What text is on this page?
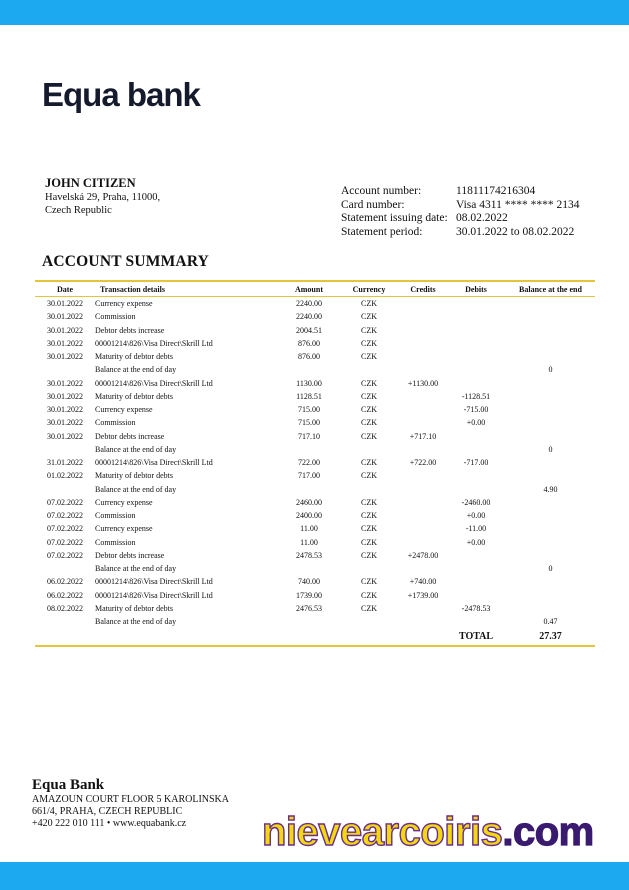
Equa bank
JOHN CITIZEN
Havelská 29, Praha, 11000,
Czech Republic
Account number:	11811174216304
Card number:	Visa 4311 **** **** 2134
Statement issuing date: 08.02.2022
Statement period:	30.01.2022 to 08.02.2022
ACCOUNT SUMMARY
Date	Transaction details	Amount	Currency	Credits	Debits	Balance at the end

30.01.2022	Currency expense	2240.00	CZK			
30.01.2022	Commission	2240.00	CZK			
30.01.2022	Debtor debts increase	2004.51	CZK			
30.01.2022	00001214\826\Visa Direct\Skrill Ltd	876.00	CZK			
30.01.2022	Maturity of debtor debts	876.00	CZK			
	Balance at the end of day					0
30.01.2022	00001214\826\Visa Direct\Skrill Ltd	1130.00	CZK	+1130.00		
30.01.2022	Maturity of debtor debts	1128.51	CZK		-1128.51	
30.01.2022	Currency expense	715.00	CZK		-715.00	
30.01.2022	Commission	715.00	CZK		+0.00	
30.01.2022	Debtor debts increase	717.10	CZK	+717.10		
	Balance at the end of day					0
31.01.2022	00001214\826\Visa Direct\Skrill Ltd	722.00	CZK	+722.00	-717.00	
01.02.2022	Maturity of debtor debts	717.00	CZK			
	Balance at the end of day					4.90
07.02.2022	Currency expense	2460.00	CZK		-2460.00	
07.02.2022	Commission	2400.00	CZK		+0.00	
07.02.2022	Currency expense	11.00	CZK		-11.00	
07.02.2022	Commission	11.00	CZK		+0.00	
07.02.2022	Debtor debts increase	2478.53	CZK	+2478.00		
	Balance at the end of day					0
06.02.2022	00001214\826\Visa Direct\Skrill Ltd	740.00	CZK	+740.00		
06.02.2022	00001214\826\Visa Direct\Skrill Ltd	1739.00	CZK	+1739.00		
08.02.2022	Maturity of debtor debts	2476.53	CZK		-2478.53	
	Balance at the end of day					0.47
					TOTAL	27.37
Equa Bank
AMAZOUN COURT FLOOR 5 KAROLINSKA
661/4, PRAHA, CZECH REPUBLIC
+420 222 010 111 • www.equabank.cz	nievearcoiris.com
